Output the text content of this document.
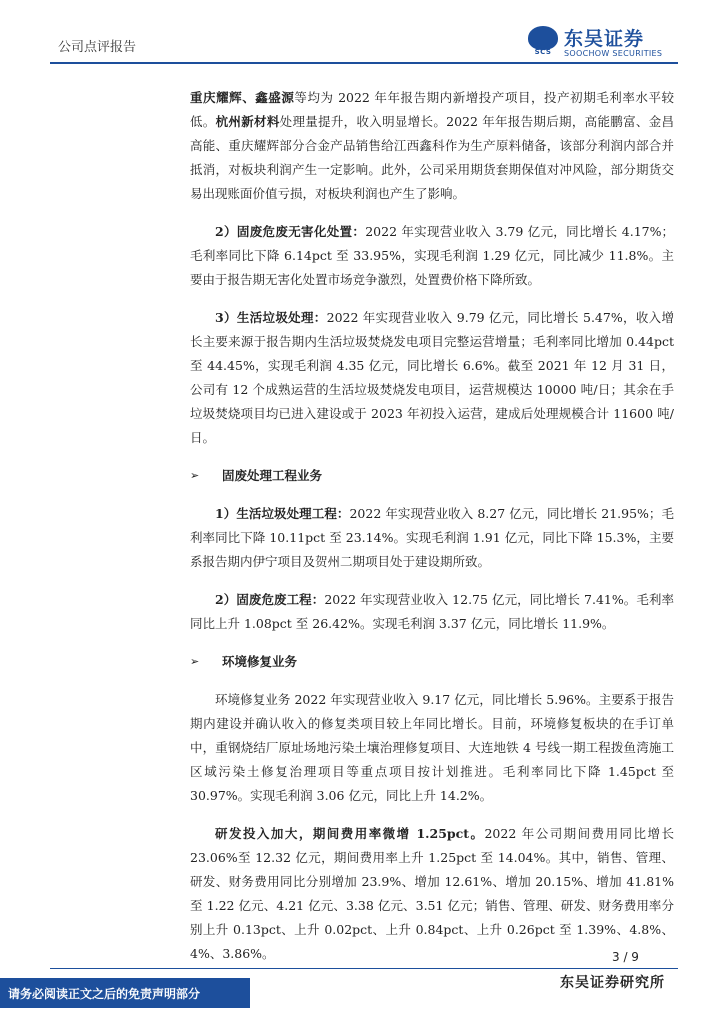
公司点评报告	SCS
东吴证券
SOOCHOW SECURITIES

重庆耀辉、鑫盛源等均为 2022 年年报告期内新增投产项目，投产初期毛利率水平较低。杭州新材料处理量提升，收入明显增长。2022 年年报告期后期，高能鹏富、金昌高能、重庆耀辉部分合金产品销售给江西鑫科作为生产原料储备，该部分利润内部合并抵消，对板块利润产生一定影响。此外，公司采用期货套期保值对冲风险，部分期货交易出现账面价值亏损，对板块利润也产生了影响。

2）固废危废无害化处置：2022 年实现营业收入 3.79 亿元，同比增长 4.17%；毛利率同比下降 6.14pct 至 33.95%，实现毛利润 1.29 亿元，同比减少 11.8%。主要由于报告期无害化处置市场竞争激烈，处置费价格下降所致。

3）生活垃圾处理：2022 年实现营业收入 9.79 亿元，同比增长 5.47%，收入增长主要来源于报告期内生活垃圾焚烧发电项目完整运营增量；毛利率同比增加 0.44pct 至 44.45%，实现毛利润 4.35 亿元，同比增长 6.6%。截至 2021 年 12 月 31 日，公司有 12 个成熟运营的生活垃圾焚烧发电项目，运营规模达 10000 吨/日；其余在手垃圾焚烧项目均已进入建设或于 2023 年初投入运营，建成后处理规模合计 11600 吨/日。

➢	固废处理工程业务

1）生活垃圾处理工程：2022 年实现营业收入 8.27 亿元，同比增长 21.95%；毛利率同比下降 10.11pct 至 23.14%。实现毛利润 1.91 亿元，同比下降 15.3%，主要系报告期内伊宁项目及贺州二期项目处于建设期所致。

2）固废危废工程：2022 年实现营业收入 12.75 亿元，同比增长 7.41%。毛利率同比上升 1.08pct 至 26.42%。实现毛利润 3.37 亿元，同比增长 11.9%。

➢	环境修复业务

环境修复业务 2022 年实现营业收入 9.17 亿元，同比增长 5.96%。主要系于报告期内建设并确认收入的修复类项目较上年同比增长。目前，环境修复板块的在手订单中，重钢烧结厂原址场地污染土壤治理修复项目、大连地铁 4 号线一期工程拨鱼湾施工区域污染土修复治理项目等重点项目按计划推进。毛利率同比下降 1.45pct 至 30.97%。实现毛利润 3.06 亿元，同比上升 14.2%。

研发投入加大，期间费用率微增 1.25pct。2022 年公司期间费用同比增长 23.06%至 12.32 亿元，期间费用率上升 1.25pct 至 14.04%。其中，销售、管理、研发、财务费用同比分别增加 23.9%、增加 12.61%、增加 20.15%、增加 41.81%至 1.22 亿元、4.21 亿元、3.38 亿元、3.51 亿元；销售、管理、研发、财务费用率分别上升 0.13pct、上升 0.02pct、上升 0.84pct、上升 0.26pct 至 1.39%、4.8%、4%、3.86%。	3 / 9
请务必阅读正文之后的免责声明部分
东吴证券研究所
